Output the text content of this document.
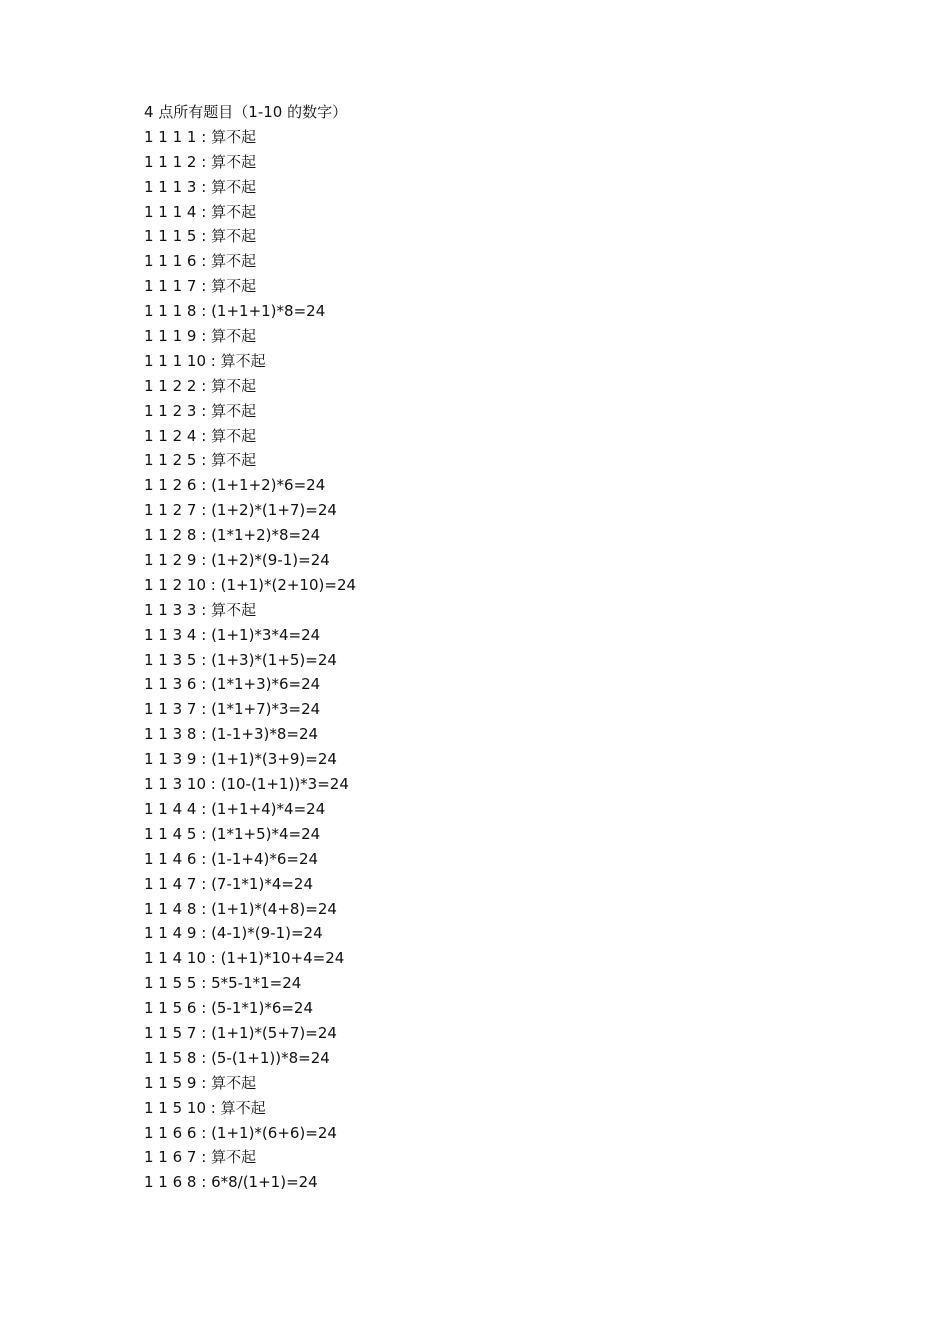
4 点所有题目（1-10 的数字）
1 1 1 1 : 算不起
1 1 1 2 : 算不起
1 1 1 3 : 算不起
1 1 1 4 : 算不起
1 1 1 5 : 算不起
1 1 1 6 : 算不起
1 1 1 7 : 算不起
1 1 1 8 : (1+1+1)*8=24
1 1 1 9 : 算不起
1 1 1 10 : 算不起
1 1 2 2 : 算不起
1 1 2 3 : 算不起
1 1 2 4 : 算不起
1 1 2 5 : 算不起
1 1 2 6 : (1+1+2)*6=24
1 1 2 7 : (1+2)*(1+7)=24
1 1 2 8 : (1*1+2)*8=24
1 1 2 9 : (1+2)*(9-1)=24
1 1 2 10 : (1+1)*(2+10)=24
1 1 3 3 : 算不起
1 1 3 4 : (1+1)*3*4=24
1 1 3 5 : (1+3)*(1+5)=24
1 1 3 6 : (1*1+3)*6=24
1 1 3 7 : (1*1+7)*3=24
1 1 3 8 : (1-1+3)*8=24
1 1 3 9 : (1+1)*(3+9)=24
1 1 3 10 : (10-(1+1))*3=24
1 1 4 4 : (1+1+4)*4=24
1 1 4 5 : (1*1+5)*4=24
1 1 4 6 : (1-1+4)*6=24
1 1 4 7 : (7-1*1)*4=24
1 1 4 8 : (1+1)*(4+8)=24
1 1 4 9 : (4-1)*(9-1)=24
1 1 4 10 : (1+1)*10+4=24
1 1 5 5 : 5*5-1*1=24
1 1 5 6 : (5-1*1)*6=24
1 1 5 7 : (1+1)*(5+7)=24
1 1 5 8 : (5-(1+1))*8=24
1 1 5 9 : 算不起
1 1 5 10 : 算不起
1 1 6 6 : (1+1)*(6+6)=24
1 1 6 7 : 算不起
1 1 6 8 : 6*8/(1+1)=24
